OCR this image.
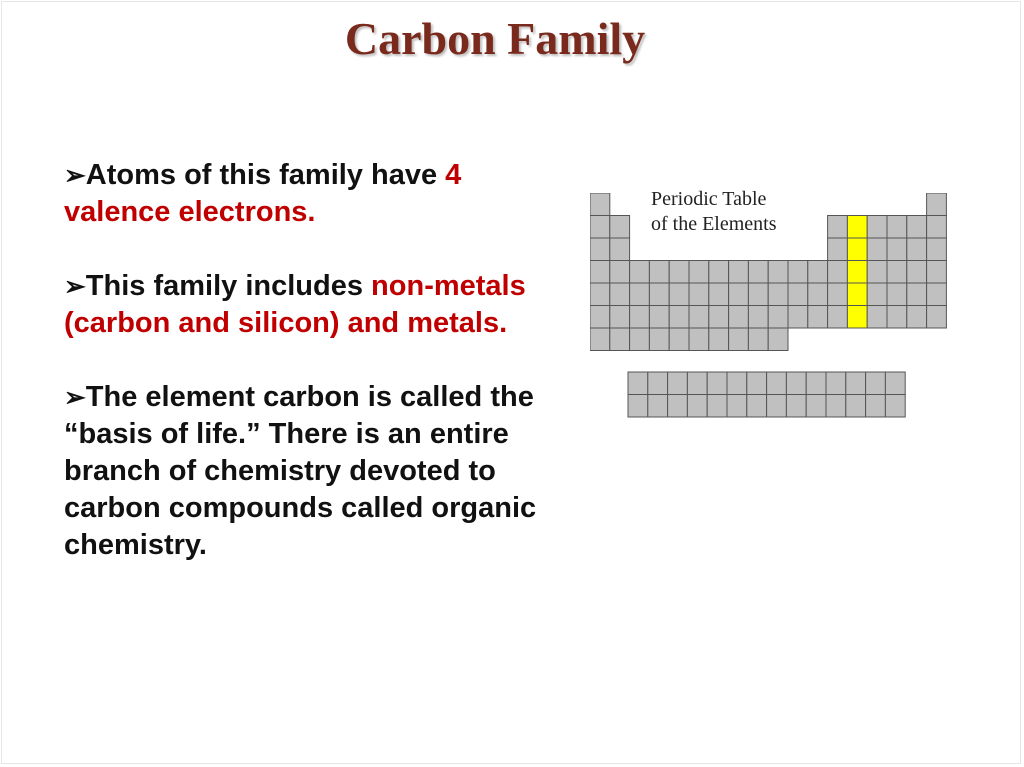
Carbon Family
➢Atoms of this family have 4 valence electrons.
➢This family includes non-metals (carbon and silicon) and metals.
➢The element carbon is called the “basis of life.” There is an entire branch of chemistry devoted to carbon compounds called organic chemistry.
Periodic Table
of the Elements
